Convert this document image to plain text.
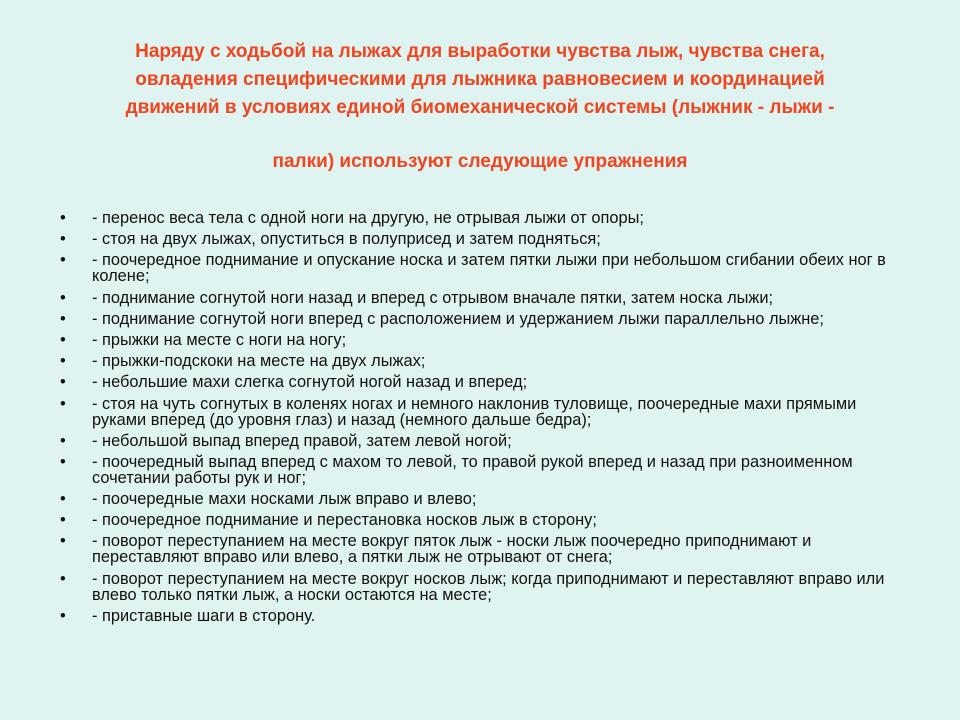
Наряду с ходьбой на лыжах для выработки чувства лыж, чувства снега,
овладения специфическими для лыжника равновесием и координацией
движений в условиях единой биомеханической системы (лыжник - лыжи -
палки) используют следующие упражнения
• - перенос веса тела с одной ноги на другую, не отрывая лыжи от опоры;
• - стоя на двух лыжах, опуститься в полуприсед и затем подняться;
• - поочередное поднимание и опускание носка и затем пятки лыжи при небольшом сгибании обеих ног в колене;
• - поднимание согнутой ноги назад и вперед с отрывом вначале пятки, затем носка лыжи;
• - поднимание согнутой ноги вперед с расположением и удержанием лыжи параллельно лыжне;
• - прыжки на месте с ноги на ногу;
• - прыжки-подскоки на месте на двух лыжах;
• - небольшие махи слегка согнутой ногой назад и вперед;
• - стоя на чуть согнутых в коленях ногах и немного наклонив туловище, поочередные махи прямыми руками вперед (до уровня глаз) и назад (немного дальше бедра);
• - небольшой выпад вперед правой, затем левой ногой;
• - поочередный выпад вперед с махом то левой, то правой рукой вперед и назад при разноименном сочетании работы рук и ног;
• - поочередные махи носками лыж вправо и влево;
• - поочередное поднимание и перестановка носков лыж в сторону;
• - поворот переступанием на месте вокруг пяток лыж - носки лыж поочередно приподнимают и переставляют вправо или влево, а пятки лыж не отрывают от снега;
• - поворот переступанием на месте вокруг носков лыж; когда приподнимают и переставляют вправо или влево только пятки лыж, а носки остаются на месте;
• - приставные шаги в сторону.
